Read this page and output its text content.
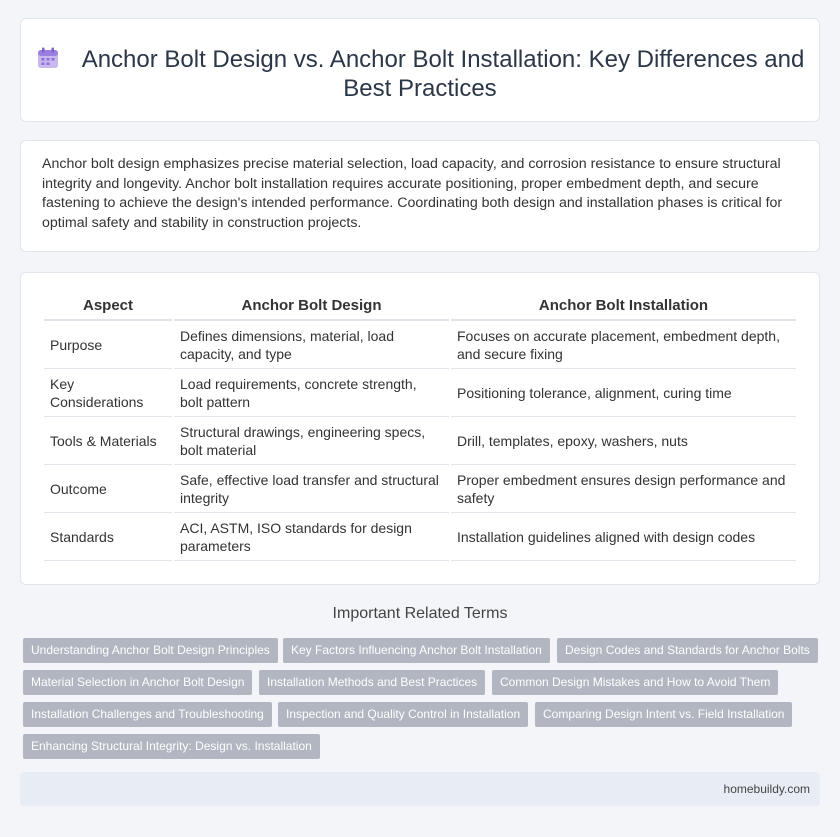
Anchor Bolt Design vs. Anchor Bolt Installation: Key Differences and Best Practices

Anchor bolt design emphasizes precise material selection, load capacity, and corrosion resistance to ensure structural integrity and longevity. Anchor bolt installation requires accurate positioning, proper embedment depth, and secure fastening to achieve the design's intended performance. Coordinating both design and installation phases is critical for optimal safety and stability in construction projects.

Aspect	Anchor Bolt Design	Anchor Bolt Installation
Purpose	Defines dimensions, material, load capacity, and type	Focuses on accurate placement, embedment depth, and secure fixing
Key Considerations	Load requirements, concrete strength, bolt pattern	Positioning tolerance, alignment, curing time
Tools & Materials	Structural drawings, engineering specs, bolt material	Drill, templates, epoxy, washers, nuts
Outcome	Safe, effective load transfer and structural integrity	Proper embedment ensures design performance and safety
Standards	ACI, ASTM, ISO standards for design parameters	Installation guidelines aligned with design codes
Important Related Terms
Understanding Anchor Bolt Design Principles	Key Factors Influencing Anchor Bolt Installation	Design Codes and Standards for Anchor Bolts
Material Selection in Anchor Bolt Design	Installation Methods and Best Practices	Common Design Mistakes and How to Avoid Them
Installation Challenges and Troubleshooting	Inspection and Quality Control in Installation	Comparing Design Intent vs. Field Installation
Enhancing Structural Integrity: Design vs. Installation
homebuildy.com
